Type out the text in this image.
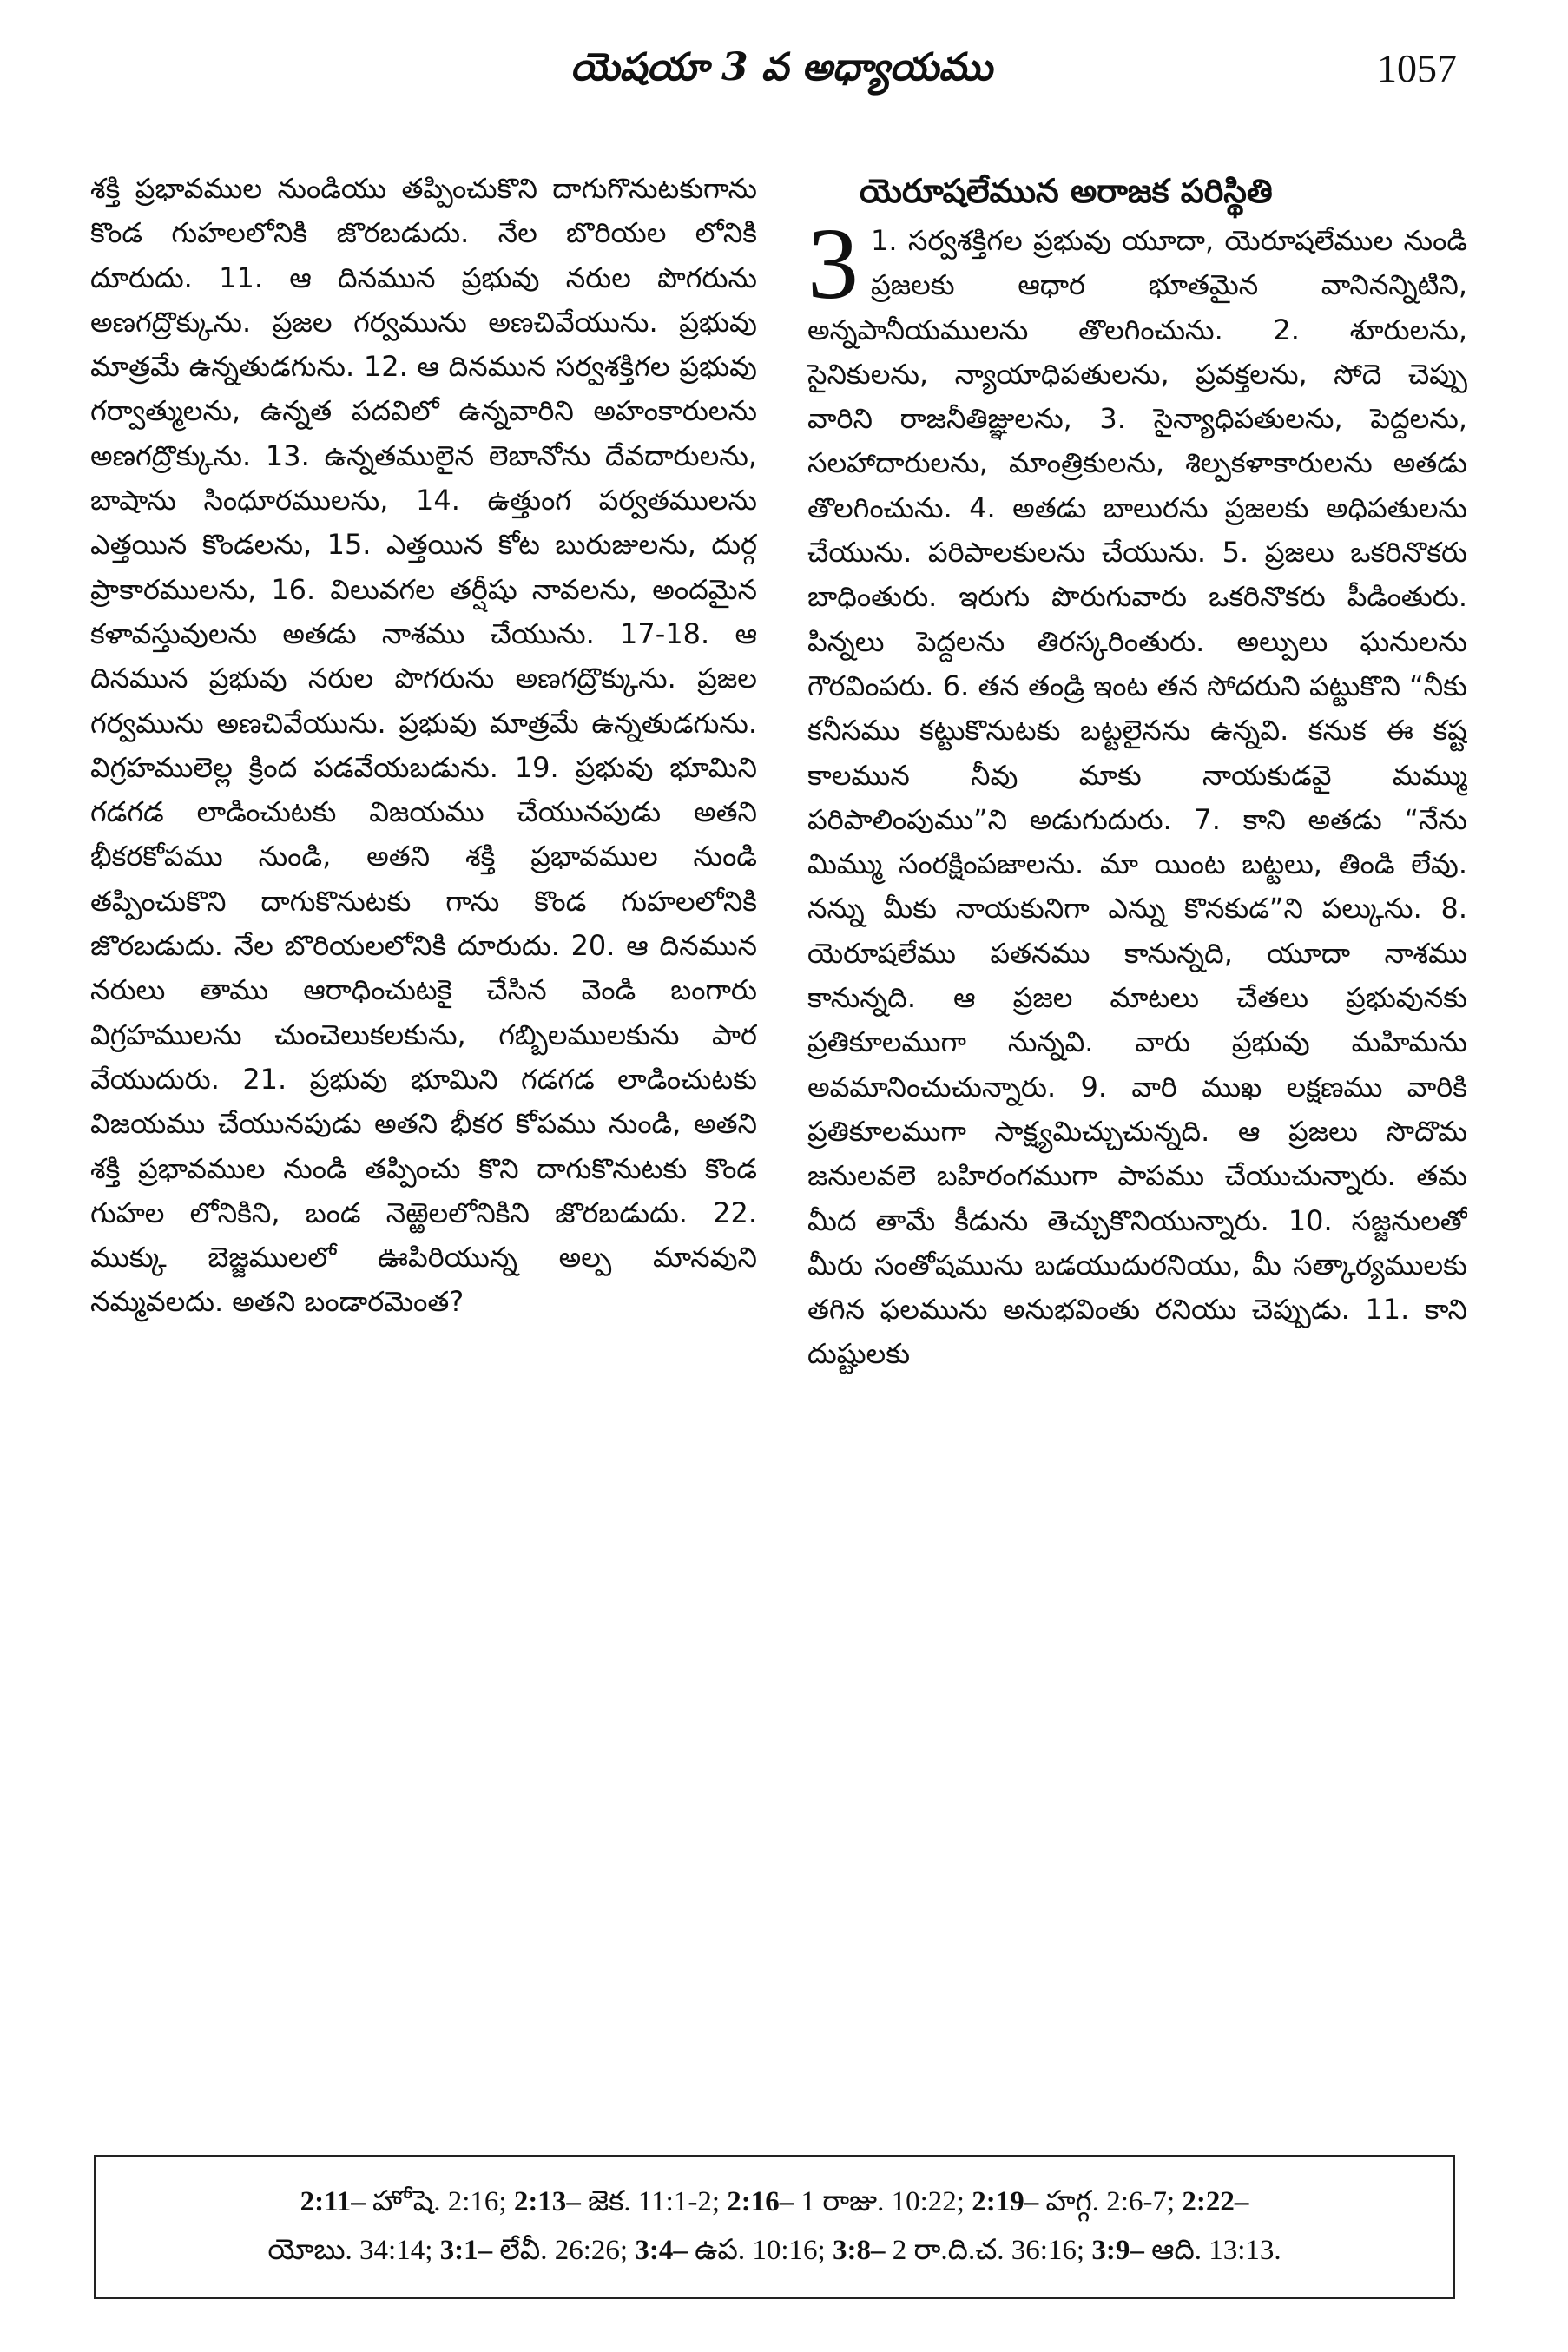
యెషయా 3 వ అధ్యాయము	1057

శక్తి ప్రభావముల నుండియు తప్పించుకొని దాగుగొనుటకుగాను కొండ గుహలలోనికి జొరబడుదు. నేల బొరియల లోనికి దూరుదు. 11. ఆ దినమున ప్రభువు నరుల పొగరును అణగద్రొక్కును. ప్రజల గర్వమును అణచివేయును. ప్రభువు మాత్రమే ఉన్నతుడగును. 12. ఆ దినమున సర్వశక్తిగల ప్రభువు గర్వాత్ములను, ఉన్నత పదవిలో ఉన్నవారిని అహంకారులను అణగద్రొక్కును. 13. ఉన్నతములైన లెబానోను దేవదారులను, బాషాను సింధూరములను, 14. ఉత్తుంగ పర్వతములను ఎత్తయిన కొండలను, 15. ఎత్తయిన కోట బురుజులను, దుర్గ ప్రాకారములను, 16. విలువగల తర్షీషు నావలను, అందమైన కళావస్తువులను అతడు నాశము చేయును. 17-18. ఆ దినమున ప్రభువు నరుల పొగరును అణగద్రొక్కును. ప్రజల గర్వమును అణచివేయును. ప్రభువు మాత్రమే ఉన్నతుడగును. విగ్రహములెల్ల క్రింద పడవేయబడును. 19. ప్రభువు భూమిని గడగడ లాడించుటకు విజయము చేయునపుడు అతని భీకరకోపము నుండి, అతని శక్తి ప్రభావముల నుండి తప్పించుకొని దాగుకొనుటకు గాను కొండ గుహలలోనికి జొరబడుదు. నేల బొరియలలోనికి దూరుదు. 20. ఆ దినమున నరులు తాము ఆరాధించుటకై చేసిన వెండి బంగారు విగ్రహములను చుంచెలుకలకును, గబ్బిలములకును పార వేయుదురు. 21. ప్రభువు భూమిని గడగడ లాడించుటకు విజయము చేయునపుడు అతని భీకర కోపము నుండి, అతని శక్తి ప్రభావముల నుండి తప్పించు కొని దాగుకొనుటకు కొండ గుహల లోనికిని, బండ నెఱ్ఱెలలోనికిని జొరబడుదు. 22. ముక్కు బెజ్జములలో ఊపిరియున్న అల్ప మానవుని నమ్మవలదు. అతని బండారమెంత?

యెరూషలేమున అరాజక పరిస్థితి
3 1. సర్వశక్తిగల ప్రభువు యూదా, యెరూషలేముల నుండి ప్రజలకు ఆధార భూతమైన వానినన్నిటిని, అన్నపానీయములను తొలగించును. 2. శూరులను, సైనికులను, న్యాయాధిపతులను, ప్రవక్తలను, సోదె చెప్పు వారిని రాజనీతిజ్ఞులను, 3. సైన్యాధిపతులను, పెద్దలను, సలహాదారులను, మాంత్రికులను, శిల్పకళాకారులను అతడు తొలగించును. 4. అతడు బాలురను ప్రజలకు అధిపతులను చేయును. పరిపాలకులను చేయును. 5. ప్రజలు ఒకరినొకరు బాధింతురు. ఇరుగు పొరుగువారు ఒకరినొకరు పీడింతురు. పిన్నలు పెద్దలను తిరస్కరింతురు. అల్పులు ఘనులను గౌరవింపరు. 6. తన తండ్రి ఇంట తన సోదరుని పట్టుకొని “నీకు కనీసము కట్టుకొనుటకు బట్టలైనను ఉన్నవి. కనుక ఈ కష్ట కాలమున నీవు మాకు నాయకుడవై మమ్ము పరిపాలింపుము”ని అడుగుదురు. 7. కాని అతడు “నేను మిమ్ము సంరక్షింపజాలను. మా యింట బట్టలు, తిండి లేవు. నన్ను మీకు నాయకునిగా ఎన్ను కొనకుడ”ని పల్కును. 8. యెరూషలేము పతనము కానున్నది, యూదా నాశము కానున్నది. ఆ ప్రజల మాటలు చేతలు ప్రభువునకు ప్రతికూలముగా నున్నవి. వారు ప్రభువు మహిమను అవమానించుచున్నారు. 9. వారి ముఖ లక్షణము వారికి ప్రతికూలముగా సాక్ష్యమిచ్చుచున్నది. ఆ ప్రజలు సొదొమ జనులవలె బహిరంగముగా పాపము చేయుచున్నారు. తమ మీద తామే కీడును తెచ్చుకొనియున్నారు. 10. సజ్జనులతో మీరు సంతోషమును బడయుదురనియు, మీ సత్కార్యములకు తగిన ఫలమును అనుభవింతు రనియు చెప్పుడు. 11. కాని దుష్టులకు

2:11– హోషె. 2:16; 2:13– జెక. 11:1-2; 2:16– 1 రాజు. 10:22; 2:19– హగ్గ. 2:6-7; 2:22–
యోబు. 34:14; 3:1– లేవీ. 26:26; 3:4– ఉప. 10:16; 3:8– 2 రా.ది.చ. 36:16; 3:9– ఆది. 13:13.
